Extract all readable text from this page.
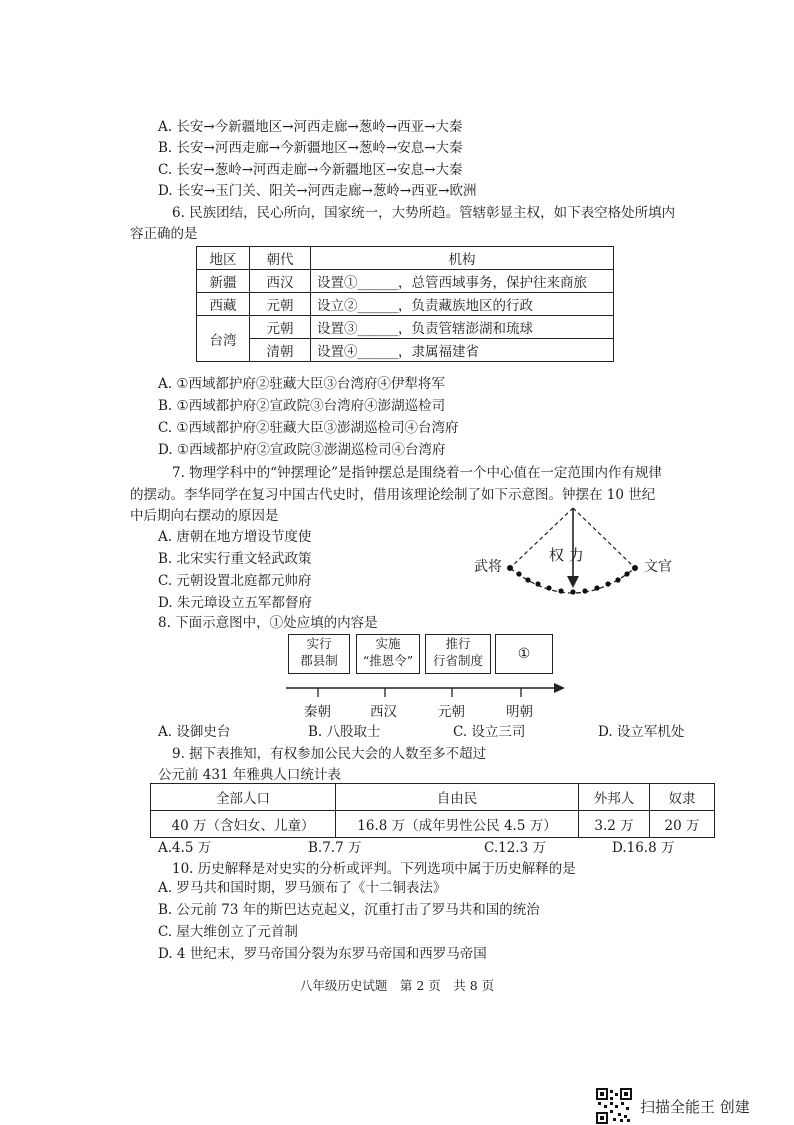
A. 长安→今新疆地区→河西走廊→葱岭→西亚→大秦
B. 长安→河西走廊→今新疆地区→葱岭→安息→大秦
C. 长安→葱岭→河西走廊→今新疆地区→安息→大秦
D. 长安→玉门关、阳关→河西走廊→葱岭→西亚→欧洲
6. 民族团结，民心所向，国家统一，大势所趋。管辖彰显主权，如下表空格处所填内
容正确的是
地区	朝代	机构
新疆	西汉	设置①______，总管西域事务，保护往来商旅
西藏	元朝	设立②______，负责藏族地区的行政
台湾	元朝	设置③______，负责管辖澎湖和琉球
	清朝	设置④______，隶属福建省
A. ①西域都护府②驻藏大臣③台湾府④伊犁将军
B. ①西域都护府②宣政院③台湾府④澎湖巡检司
C. ①西域都护府②驻藏大臣③澎湖巡检司④台湾府
D. ①西域都护府②宣政院③澎湖巡检司④台湾府
7. 物理学科中的“钟摆理论”是指钟摆总是围绕着一个中心值在一定范围内作有规律
的摆动。李华同学在复习中国古代史时，借用该理论绘制了如下示意图。钟摆在 10 世纪
中后期向右摆动的原因是
A. 唐朝在地方增设节度使
B. 北宋实行重文轻武政策
C. 元朝设置北庭都元帅府
D. 朱元璋设立五军都督府
武将
权 力
文官
8. 下面示意图中，①处应填的内容是
实行
郡县制
实施
“推恩令”
推行
行省制度	①
秦朝	西汉	元朝	明朝
A. 设御史台	B. 八股取士	C. 设立三司	D. 设立军机处
9. 据下表推知，有权参加公民大会的人数至多不超过
公元前 431 年雅典人口统计表
全部人口	自由民	外邦人	奴隶
40 万（含妇女、儿童）	16.8 万（成年男性公民 4.5 万）	3.2 万	20 万
A.4.5 万	B.7.7 万	C.12.3 万	D.16.8 万
10. 历史解释是对史实的分析或评判。下列选项中属于历史解释的是
A. 罗马共和国时期，罗马颁布了《十二铜表法》
B. 公元前 73 年的斯巴达克起义，沉重打击了罗马共和国的统治
C. 屋大维创立了元首制
D. 4 世纪末，罗马帝国分裂为东罗马帝国和西罗马帝国
八年级历史试题　第 2 页　共 8 页
扫描全能王 创建
